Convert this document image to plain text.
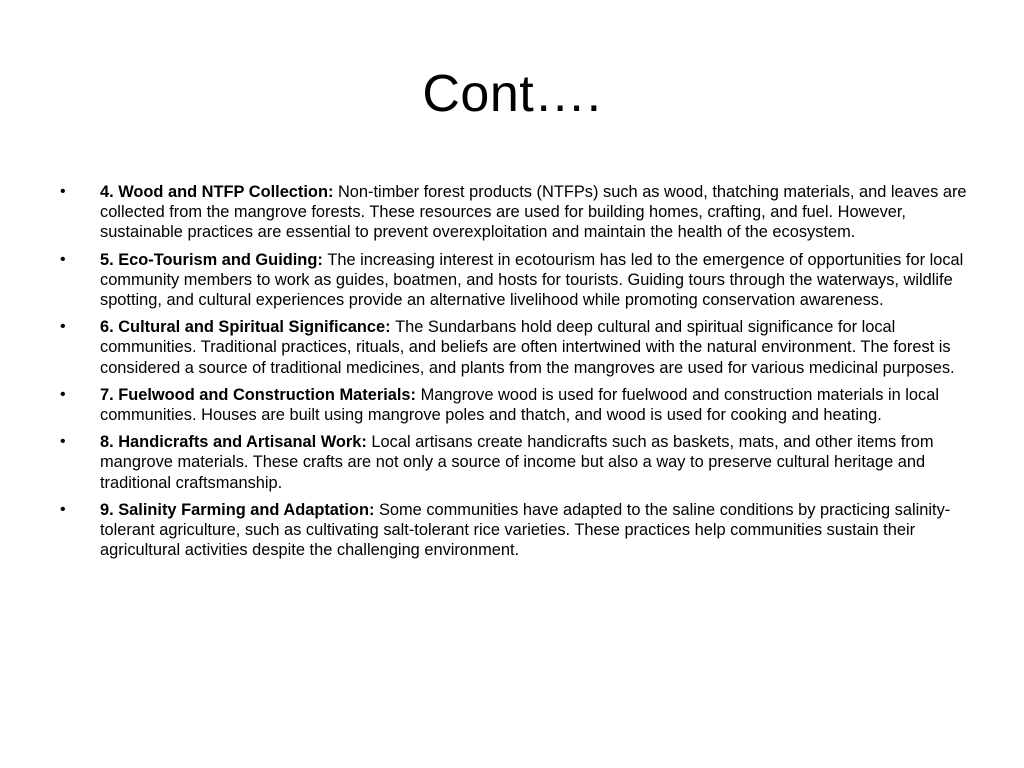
Cont….
•	4. Wood and NTFP Collection: Non-timber forest products (NTFPs) such as wood, thatching materials, and leaves are collected from the mangrove forests. These resources are used for building homes, crafting, and fuel. However, sustainable practices are essential to prevent overexploitation and maintain the health of the ecosystem.
•	5. Eco-Tourism and Guiding: The increasing interest in ecotourism has led to the emergence of opportunities for local community members to work as guides, boatmen, and hosts for tourists. Guiding tours through the waterways, wildlife spotting, and cultural experiences provide an alternative livelihood while promoting conservation awareness.
•	6. Cultural and Spiritual Significance: The Sundarbans hold deep cultural and spiritual significance for local communities. Traditional practices, rituals, and beliefs are often intertwined with the natural environment. The forest is considered a source of traditional medicines, and plants from the mangroves are used for various medicinal purposes.
•	7. Fuelwood and Construction Materials: Mangrove wood is used for fuelwood and construction materials in local communities. Houses are built using mangrove poles and thatch, and wood is used for cooking and heating.
•	8. Handicrafts and Artisanal Work: Local artisans create handicrafts such as baskets, mats, and other items from mangrove materials. These crafts are not only a source of income but also a way to preserve cultural heritage and traditional craftsmanship.
•	9. Salinity Farming and Adaptation: Some communities have adapted to the saline conditions by practicing salinity-tolerant agriculture, such as cultivating salt-tolerant rice varieties. These practices help communities sustain their agricultural activities despite the challenging environment.
